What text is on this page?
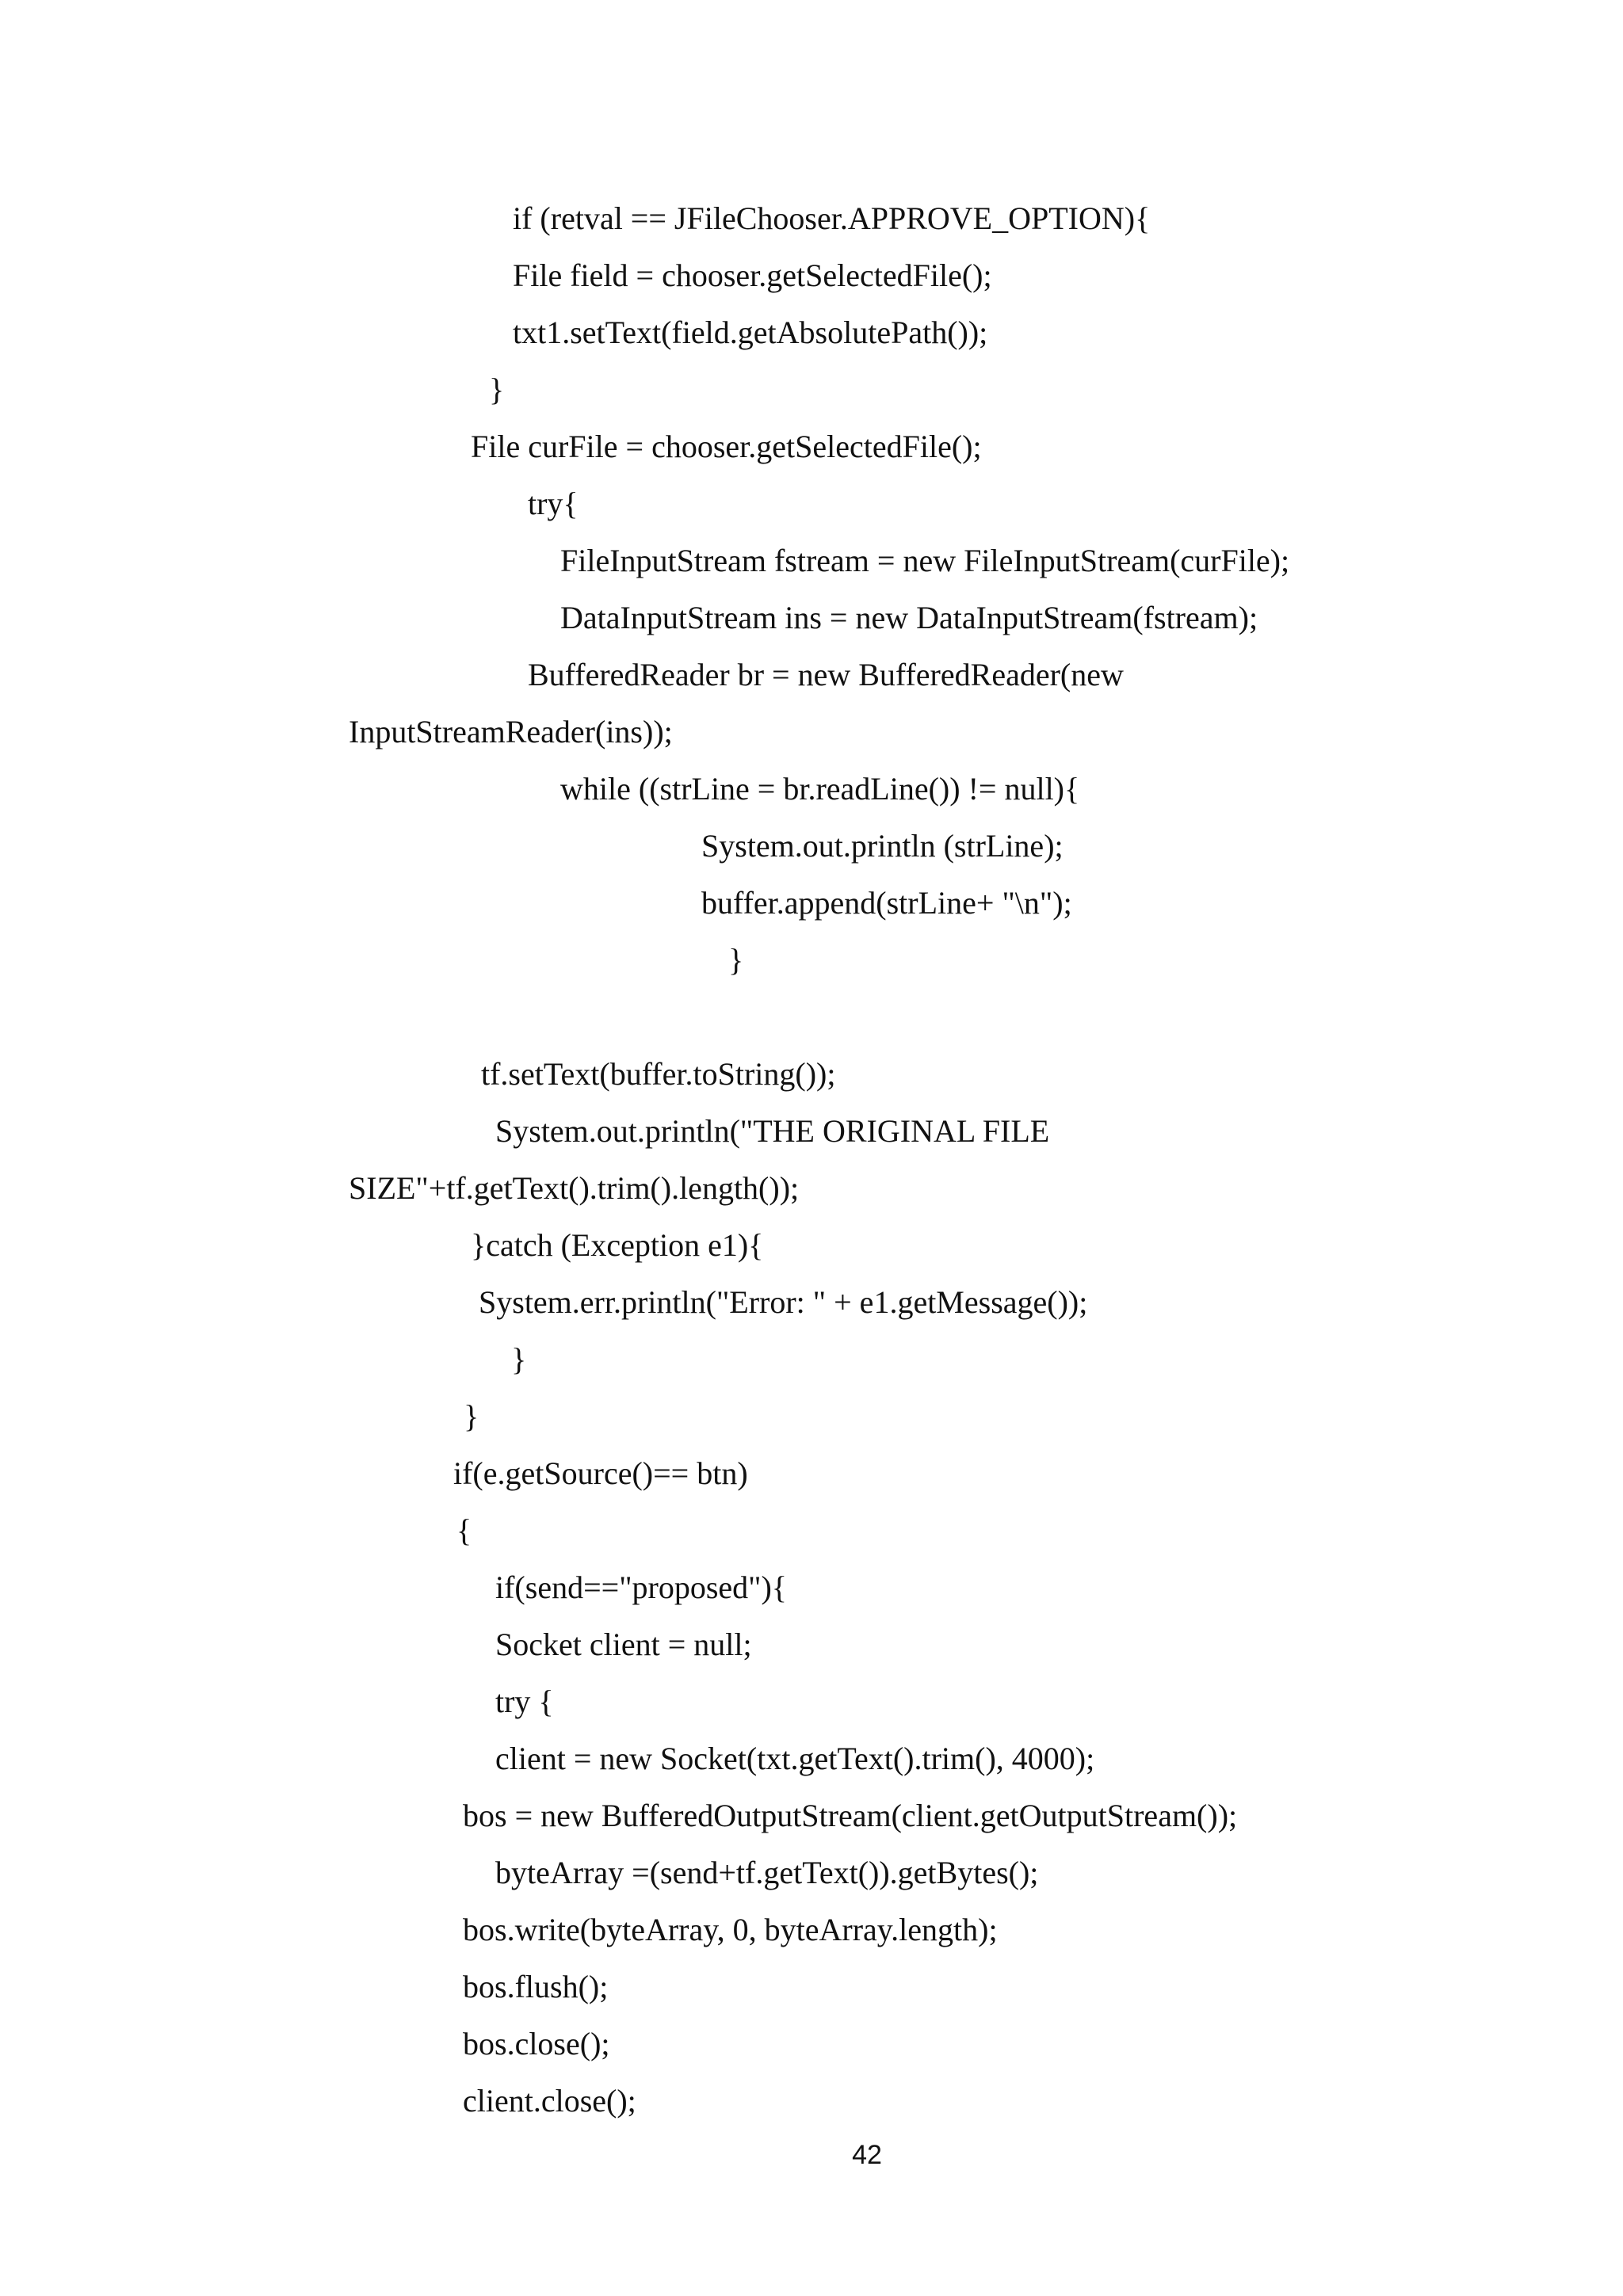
if (retval == JFileChooser.APPROVE_OPTION){

File field = chooser.getSelectedFile();

txt1.setText(field.getAbsolutePath());

}

File curFile = chooser.getSelectedFile();

try{

FileInputStream fstream = new FileInputStream(curFile);

DataInputStream ins = new DataInputStream(fstream);

BufferedReader br = new BufferedReader(new

InputStreamReader(ins));

while ((strLine = br.readLine()) != null){

System.out.println (strLine);

buffer.append(strLine+ "\n");

}

tf.setText(buffer.toString());

System.out.println("THE ORIGINAL FILE

SIZE"+tf.getText().trim().length());

}catch (Exception e1){

System.err.println("Error: " + e1.getMessage());

}

}

if(e.getSource()== btn)

{

if(send=="proposed"){

Socket client = null;

try {

client = new Socket(txt.getText().trim(), 4000);

bos = new BufferedOutputStream(client.getOutputStream());

byteArray =(send+tf.getText()).getBytes();

bos.write(byteArray, 0, byteArray.length);

bos.flush();

bos.close();

client.close();

42
